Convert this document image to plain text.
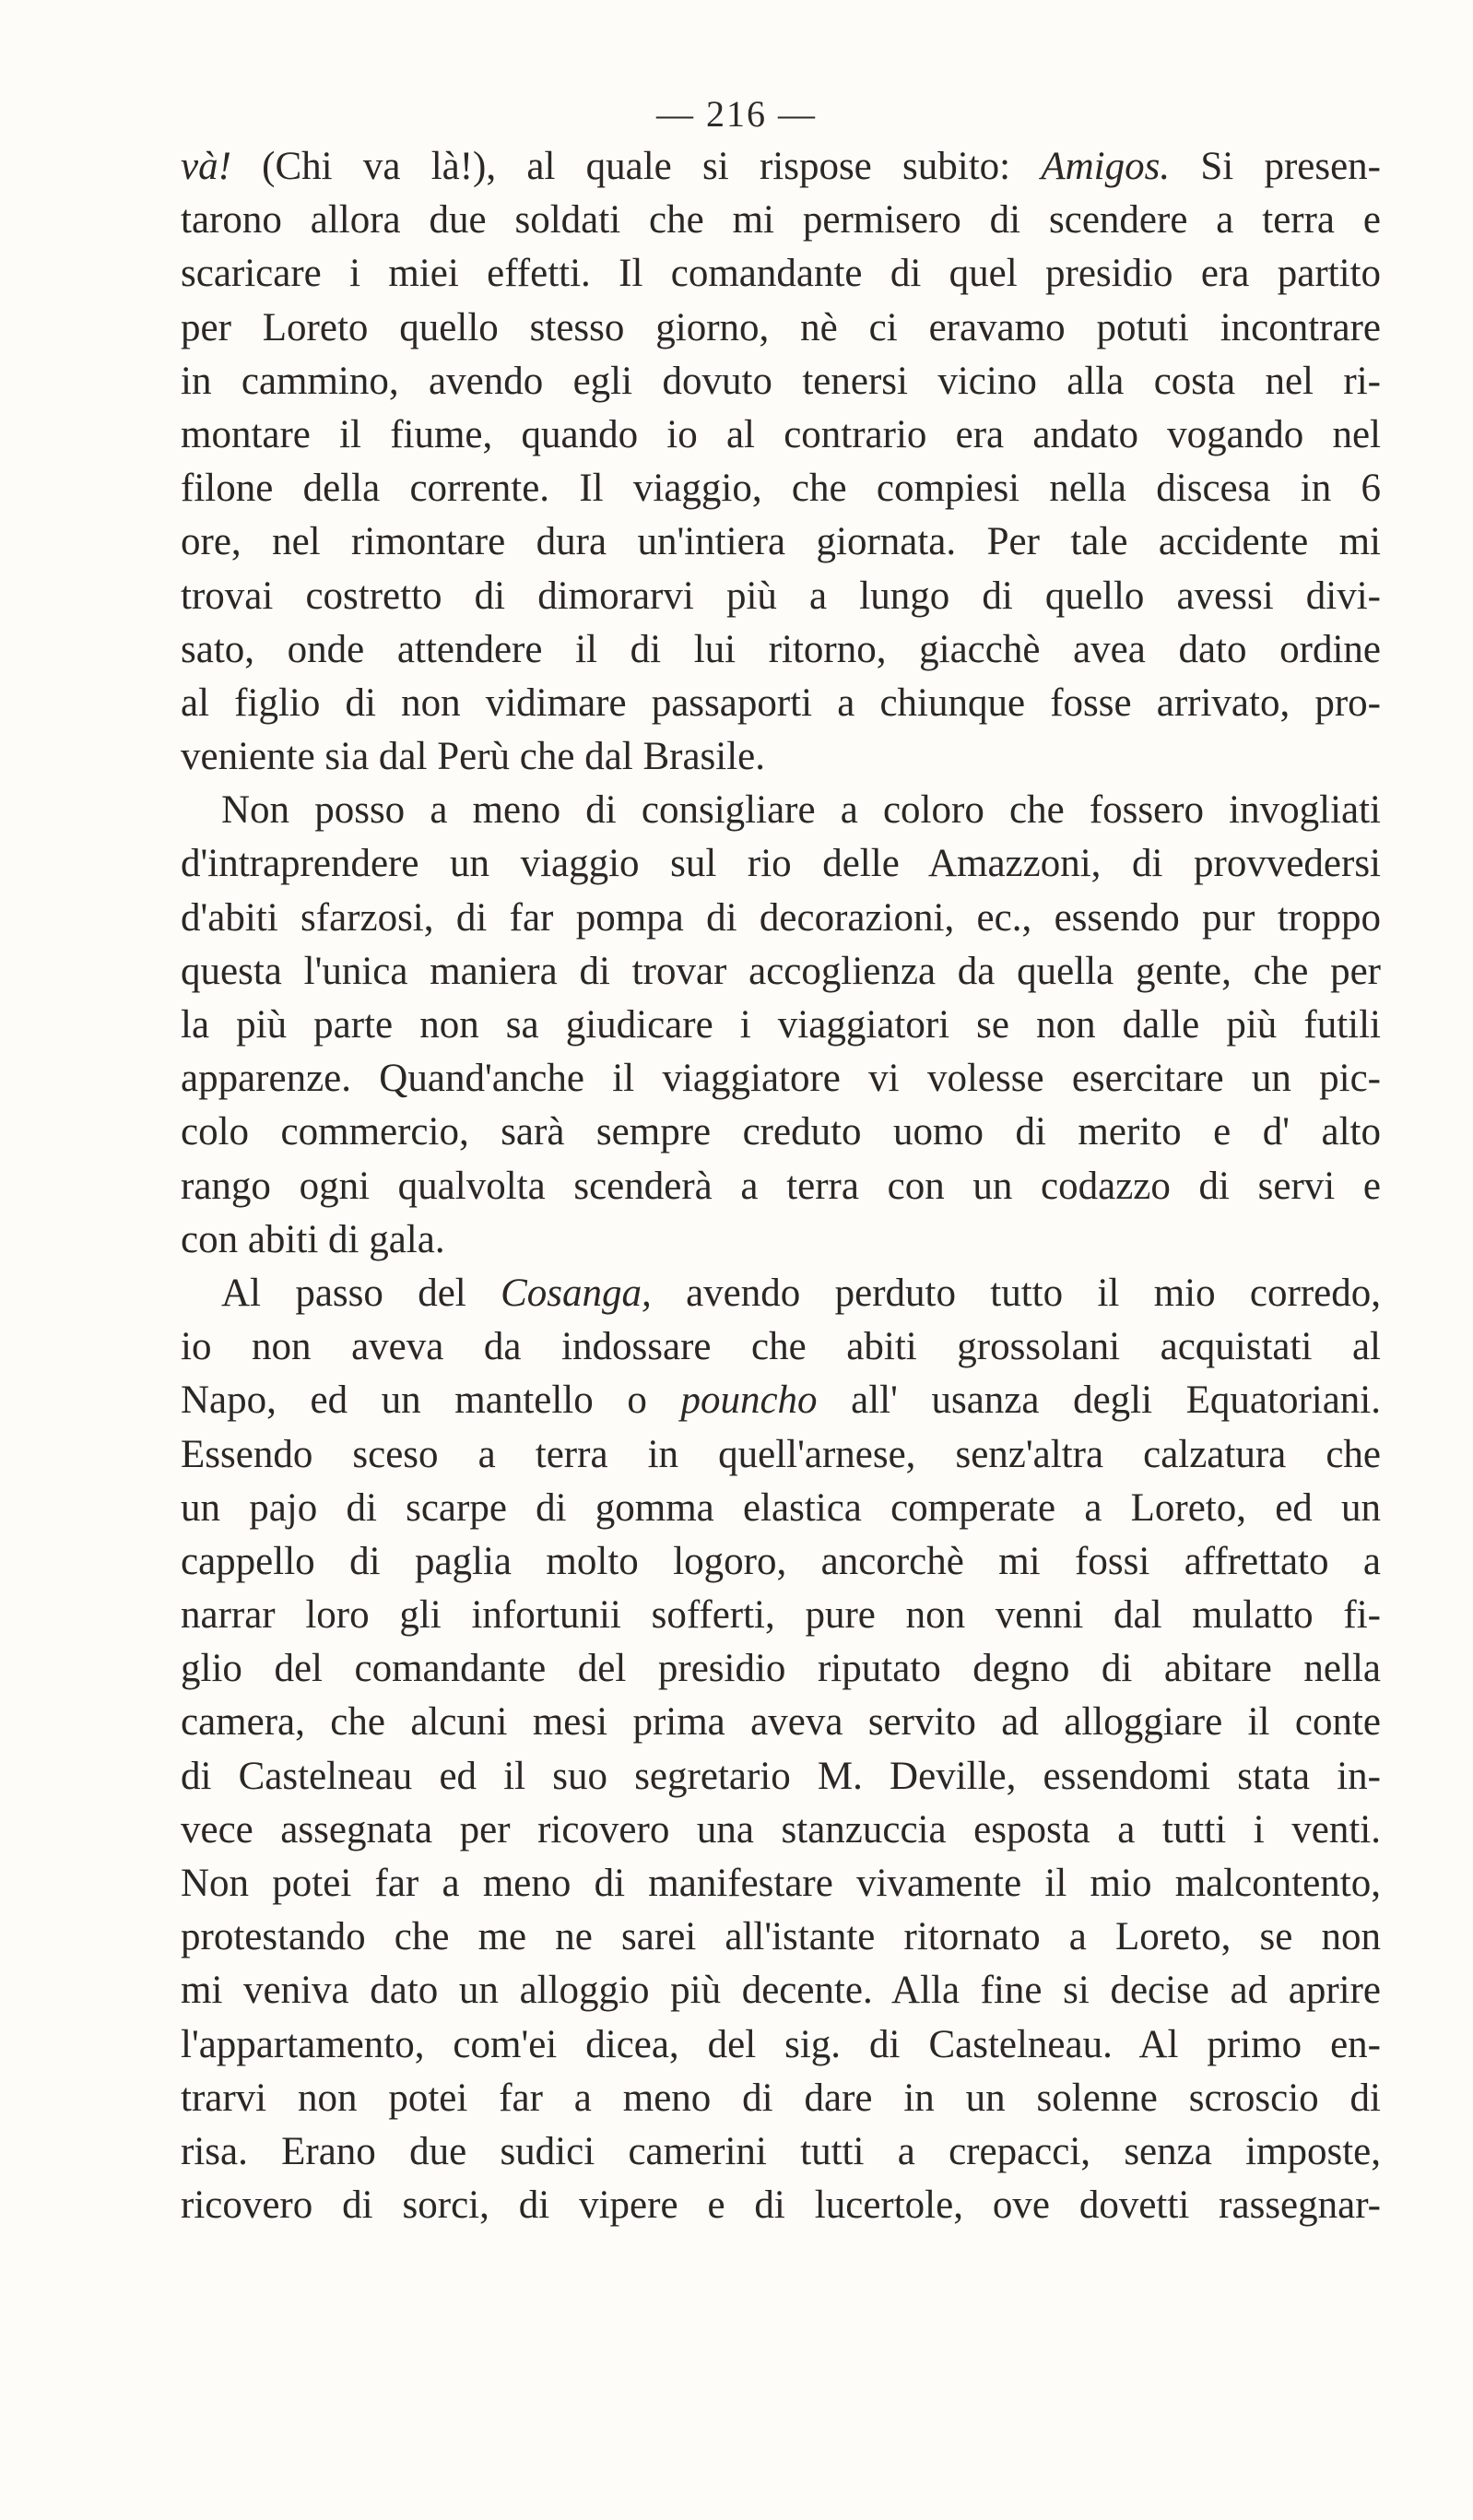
— 216 —
và! (Chi va là!), al quale si rispose subito: Amigos. Si presen-
tarono allora due soldati che mi permisero di scendere a terra e
scaricare i miei effetti. Il comandante di quel presidio era partito
per Loreto quello stesso giorno, nè ci eravamo potuti incontrare
in cammino, avendo egli dovuto tenersi vicino alla costa nel ri-
montare il fiume, quando io al contrario era andato vogando nel
filone della corrente. Il viaggio, che compiesi nella discesa in 6
ore, nel rimontare dura un'intiera giornata. Per tale accidente mi
trovai costretto di dimorarvi più a lungo di quello avessi divi-
sato, onde attendere il di lui ritorno, giacchè avea dato ordine
al figlio di non vidimare passaporti a chiunque fosse arrivato, pro-
veniente sia dal Perù che dal Brasile.
Non posso a meno di consigliare a coloro che fossero invogliati
d'intraprendere un viaggio sul rio delle Amazzoni, di provvedersi
d'abiti sfarzosi, di far pompa di decorazioni, ec., essendo pur troppo
questa l'unica maniera di trovar accoglienza da quella gente, che per
la più parte non sa giudicare i viaggiatori se non dalle più futili
apparenze. Quand'anche il viaggiatore vi volesse esercitare un pic-
colo commercio, sarà sempre creduto uomo di merito e d' alto
rango ogni qualvolta scenderà a terra con un codazzo di servi e
con abiti di gala.
Al passo del Cosanga, avendo perduto tutto il mio corredo,
io non aveva da indossare che abiti grossolani acquistati al
Napo, ed un mantello o pouncho all' usanza degli Equatoriani.
Essendo sceso a terra in quell'arnese, senz'altra calzatura che
un pajo di scarpe di gomma elastica comperate a Loreto, ed un
cappello di paglia molto logoro, ancorchè mi fossi affrettato a
narrar loro gli infortunii sofferti, pure non venni dal mulatto fi-
glio del comandante del presidio riputato degno di abitare nella
camera, che alcuni mesi prima aveva servito ad alloggiare il conte
di Castelneau ed il suo segretario M. Deville, essendomi stata in-
vece assegnata per ricovero una stanzuccia esposta a tutti i venti.
Non potei far a meno di manifestare vivamente il mio malcontento,
protestando che me ne sarei all'istante ritornato a Loreto, se non
mi veniva dato un alloggio più decente. Alla fine si decise ad aprire
l'appartamento, com'ei dicea, del sig. di Castelneau. Al primo en-
trarvi non potei far a meno di dare in un solenne scroscio di
risa. Erano due sudici camerini tutti a crepacci, senza imposte,
ricovero di sorci, di vipere e di lucertole, ove dovetti rassegnar-
